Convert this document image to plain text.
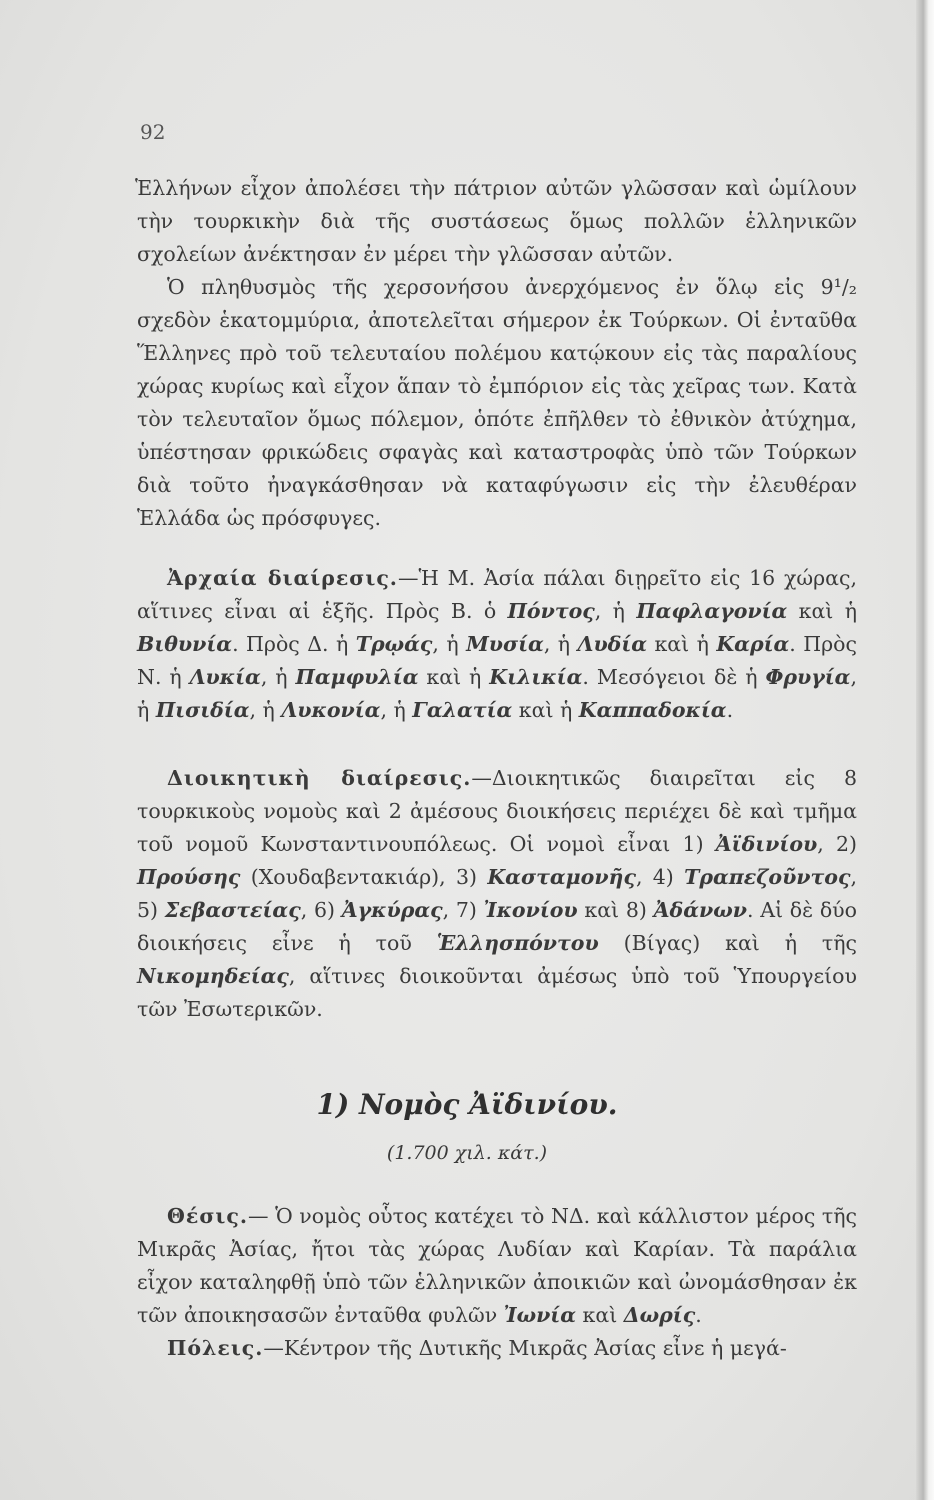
92

Ἑλλήνων εἶχον ἀπολέσει τὴν πάτριον αὐτῶν γλῶσσαν καὶ ὡμίλουν τὴν τουρκικὴν διὰ τῆς συστάσεως ὅμως πολλῶν ἑλληνικῶν σχολείων ἀνέκτησαν ἐν μέρει τὴν γλῶσσαν αὐτῶν.

Ὁ πληθυσμὸς τῆς χερσονήσου ἀνερχόμενος ἐν ὅλῳ εἰς 9¹/₂ σχεδὸν ἑκατομμύρια, ἀποτελεῖται σήμερον ἐκ Τούρκων. Οἱ ἐνταῦθα Ἕλληνες πρὸ τοῦ τελευταίου πολέμου κατῴκουν εἰς τὰς παραλίους χώρας κυρίως καὶ εἶχον ἅπαν τὸ ἐμπόριον εἰς τὰς χεῖρας των. Κατὰ τὸν τελευταῖον ὅμως πόλεμον, ὁπότε ἐπῆλθεν τὸ ἐθνικὸν ἀτύχημα, ὑπέστησαν φρικώδεις σφαγὰς καὶ καταστροφὰς ὑπὸ τῶν Τούρκων διὰ τοῦτο ἠναγκάσθησαν νὰ καταφύγωσιν εἰς τὴν ἐλευθέραν Ἑλλάδα ὡς πρόσφυγες.

Ἀρχαία διαίρεσις.—Ἡ Μ. Ἀσία πάλαι διῃρεῖτο εἰς 16 χώρας, αἵτινες εἶναι αἱ ἑξῆς. Πρὸς Β. ὁ Πόντος, ἡ Παφλαγονία καὶ ἡ Βιθυνία. Πρὸς Δ. ἡ Τρῳάς, ἡ Μυσία, ἡ Λυδία καὶ ἡ Καρία. Πρὸς Ν. ἡ Λυκία, ἡ Παμφυλία καὶ ἡ Κιλικία. Μεσόγειοι δὲ ἡ Φρυγία, ἡ Πισιδία, ἡ Λυκονία, ἡ Γαλατία καὶ ἡ Καππαδοκία.

Διοικητικὴ διαίρεσις.—Διοικητικῶς διαιρεῖται εἰς 8 τουρκικοὺς νομοὺς καὶ 2 ἀμέσους διοικήσεις περιέχει δὲ καὶ τμῆμα τοῦ νομοῦ Κωνσταντινουπόλεως. Οἱ νομοὶ εἶναι 1) Ἀϊδινίου, 2) Προύσης (Χουδαβεντακιάρ), 3) Κασταμονῆς, 4) Τραπεζοῦντος, 5) Σεβαστείας, 6) Ἀγκύρας, 7) Ἰκονίου καὶ 8) Ἀδάνων. Αἱ δὲ δύο διοικήσεις εἶνε ἡ τοῦ Ἑλλησπόντου (Βίγας) καὶ ἡ τῆς Νικομηδείας, αἵτινες διοικοῦνται ἀμέσως ὑπὸ τοῦ Ὑπουργείου τῶν Ἐσωτερικῶν.

1) Νομὸς Ἀϊδινίου.
(1.700 χιλ. κάτ.)

Θέσις.— Ὁ νομὸς οὗτος κατέχει τὸ ΝΔ. καὶ κάλλιστον μέρος τῆς Μικρᾶς Ἀσίας, ἤτοι τὰς χώρας Λυδίαν καὶ Καρίαν. Τὰ παράλια εἶχον καταληφθῇ ὑπὸ τῶν ἑλληνικῶν ἀποικιῶν καὶ ὠνομάσθησαν ἐκ τῶν ἀποικησασῶν ἐνταῦθα φυλῶν Ἰωνία καὶ Δωρίς.

Πόλεις.—Κέντρον τῆς Δυτικῆς Μικρᾶς Ἀσίας εἶνε ἡ μεγά-
